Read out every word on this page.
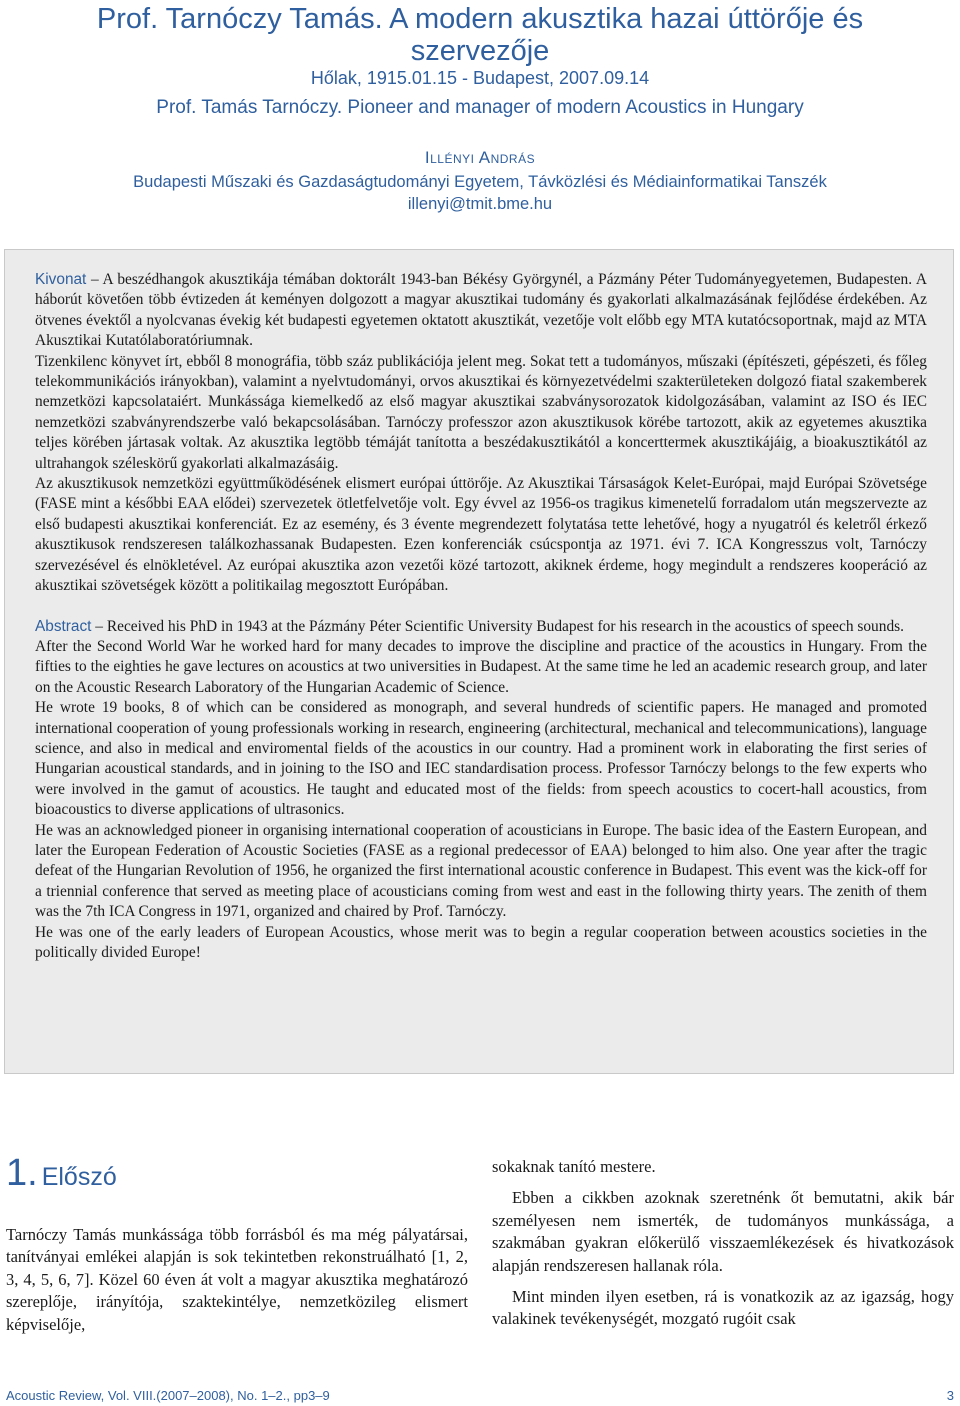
Prof. Tarnóczy Tamás. A modern akusztika hazai úttörője és szervezője
Hőlak, 1915.01.15 - Budapest, 2007.09.14
Prof. Tamás Tarnóczy. Pioneer and manager of modern Acoustics in Hungary
Illényi András
Budapesti Műszaki és Gazdaságtudományi Egyetem, Távközlési és Médiainformatikai Tanszék
illenyi@tmit.bme.hu

Kivonat – A beszédhangok akusztikája témában doktorált 1943-ban Békésy Györgynél, a Pázmány Péter Tudományegyetemen, Budapesten. A háborút követően több évtizeden át keményen dolgozott a magyar akusztikai tudomány és gyakorlati alkalmazásának fejlődése érdekében. Az ötvenes évektől a nyolcvanas évekig két budapesti egyetemen oktatott akusztikát, vezetője volt előbb egy MTA kutatócsoportnak, majd az MTA Akusztikai Kutatólaboratóriumnak.

Tizenkilenc könyvet írt, ebből 8 monográfia, több száz publikációja jelent meg. Sokat tett a tudományos, műszaki (építészeti, gépészeti, és főleg telekommunikációs irányokban), valamint a nyelvtudományi, orvos akusztikai és környezetvédelmi szakterületeken dolgozó fiatal szakemberek nemzetközi kapcsolataiért. Munkássága kiemelkedő az első magyar akusztikai szabványsorozatok kidolgozásában, valamint az ISO és IEC nemzetközi szabványrendszerbe való bekapcsolásában. Tarnóczy professzor azon akusztikusok körébe tartozott, akik az egyetemes akusztika teljes körében jártasak voltak. Az akusztika legtöbb témáját tanította a beszédakusztikától a koncerttermek akusztikájáig, a bioakusztikától az ultrahangok széleskörű gyakorlati alkalmazásáig.

Az akusztikusok nemzetközi együttműködésének elismert európai úttörője. Az Akusztikai Társaságok Kelet-Európai, majd Európai Szövetsége (FASE mint a későbbi EAA elődei) szervezetek ötletfelvetője volt. Egy évvel az 1956-os tragikus kimenetelű forradalom után megszervezte az első budapesti akusztikai konferenciát. Ez az esemény, és 3 évente megrendezett folytatása tette lehetővé, hogy a nyugatról és keletről érkező akusztikusok rendszeresen találkozhassanak Budapesten. Ezen konferenciák csúcspontja az 1971. évi 7. ICA Kongresszus volt, Tarnóczy szervezésével és elnökletével. Az európai akusztika azon vezetői közé tartozott, akiknek érdeme, hogy megindult a rendszeres kooperáció az akusztikai szövetségek között a politikailag megosztott Európában.

Abstract – Received his PhD in 1943 at the Pázmány Péter Scientific University Budapest for his research in the acoustics of speech sounds.

After the Second World War he worked hard for many decades to improve the discipline and practice of the acoustics in Hungary. From the fifties to the eighties he gave lectures on acoustics at two universities in Budapest. At the same time he led an academic research group, and later on the Acoustic Research Laboratory of the Hungarian Academic of Science.

He wrote 19 books, 8 of which can be considered as monograph, and several hundreds of scientific papers. He managed and promoted international cooperation of young professionals working in research, engineering (architectural, mechanical and telecommunications), language science, and also in medical and enviromental fields of the acoustics in our country. Had a prominent work in elaborating the first series of Hungarian acoustical standards, and in joining to the ISO and IEC standardisation process. Professor Tarnóczy belongs to the few experts who were involved in the gamut of acoustics. He taught and educated most of the fields: from speech acoustics to cocert-hall acoustics, from bioacoustics to diverse applications of ultrasonics.

He was an acknowledged pioneer in organising international cooperation of acousticians in Europe. The basic idea of the Eastern European, and later the European Federation of Acoustic Societies (FASE as a regional predecessor of EAA) belonged to him also. One year after the tragic defeat of the Hungarian Revolution of 1956, he organized the first international acoustic conference in Budapest. This event was the kick-off for a triennial conference that served as meeting place of acousticians coming from west and east in the following thirty years. The zenith of them was the 7th ICA Congress in 1971, organized and chaired by Prof. Tarnóczy.

He was one of the early leaders of European Acoustics, whose merit was to begin a regular cooperation between acoustics societies in the politically divided Europe!

1. Előszó

Tarnóczy Tamás munkássága több forrásból és ma még pályatársai, tanítványai emlékei alapján is sok tekintetben rekonstruálható [1, 2, 3, 4, 5, 6, 7]. Közel 60 éven át volt a magyar akusztika meghatározó szereplője, irányítója, szaktekintélye, nemzetközileg elismert képviselője,

sokaknak tanító mestere.

Ebben a cikkben azoknak szeretnénk őt bemutatni, akik bár személyesen nem ismerték, de tudományos munkássága, a szakmában gyakran előkerülő visszaemlékezések és hivatkozások alapján rendszeresen hallanak róla.

Mint minden ilyen esetben, rá is vonatkozik az az igazság, hogy valakinek tevékenységét, mozgató rugóit csak

Acoustic Review, Vol. VIII.(2007–2008), No. 1–2., pp3–9	3
